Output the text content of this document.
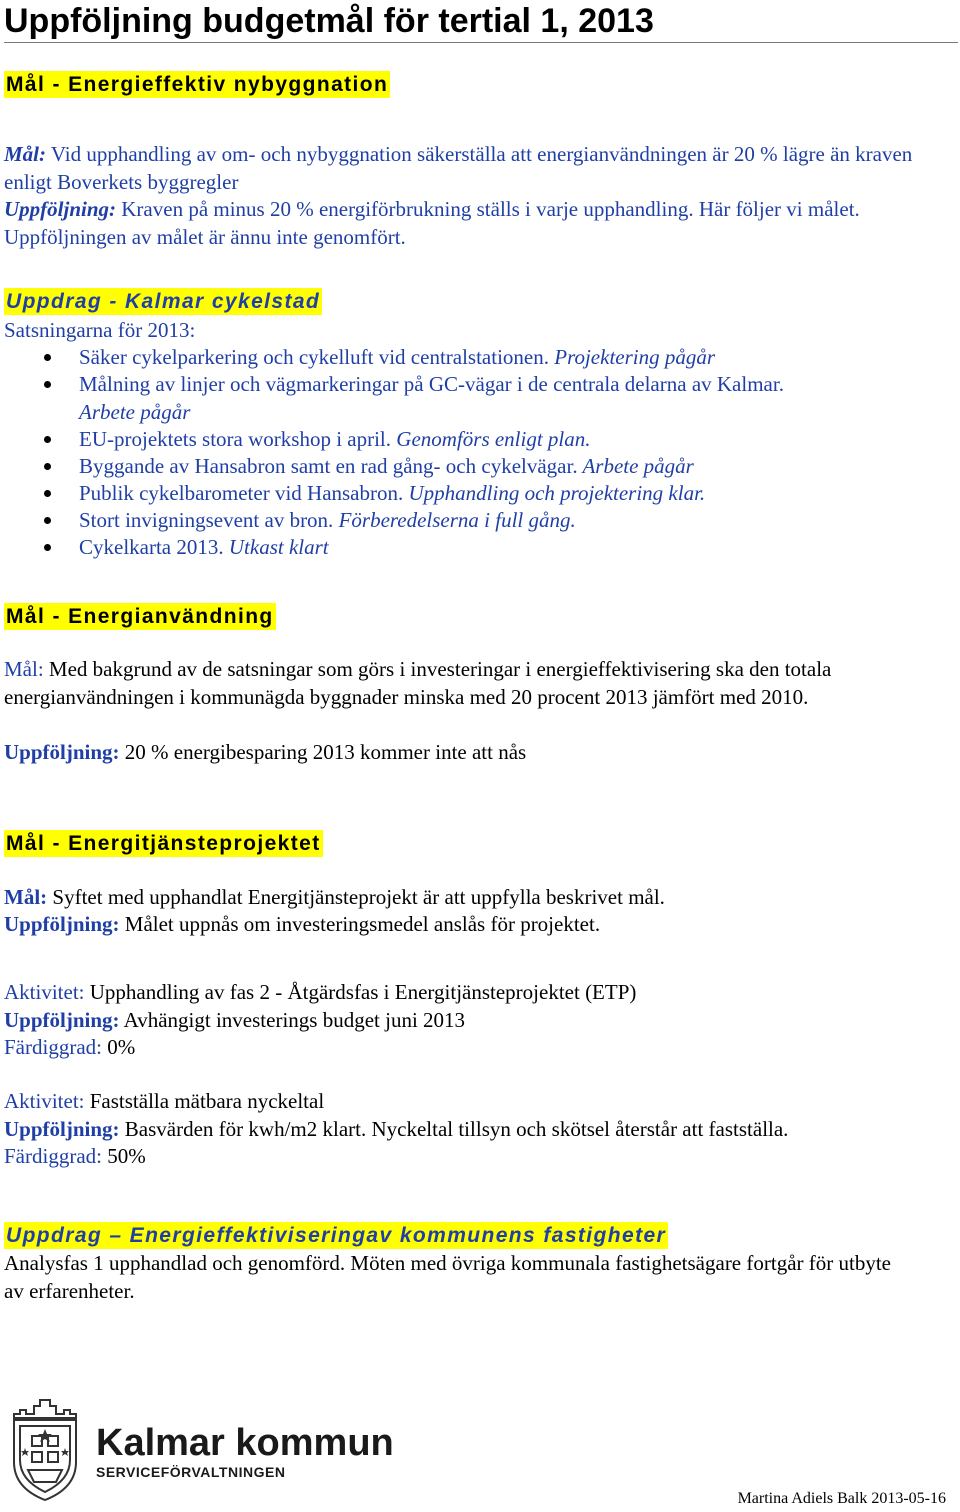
Uppföljning budgetmål för tertial 1, 2013
Mål - Energieffektiv nybyggnation
Mål: Vid upphandling av om- och nybyggnation säkerställa att energianvändningen är 20 % lägre än kraven enligt Boverkets byggregler
Uppföljning: Kraven på minus 20 % energiförbrukning ställs i varje upphandling. Här följer vi målet. Uppföljningen av målet är ännu inte genomfört.
Uppdrag - Kalmar cykelstad
Satsningarna för 2013:
Säker cykelparkering och cykelluft vid centralstationen. Projektering pågår
Målning av linjer och vägmarkeringar på GC-vägar i de centrala delarna av Kalmar.
Arbete pågår
EU-projektets stora workshop i april. Genomförs enligt plan.
Byggande av Hansabron samt en rad gång- och cykelvägar. Arbete pågår
Publik cykelbarometer vid Hansabron. Upphandling och projektering klar.
Stort invigningsevent av bron. Förberedelserna i full gång.
Cykelkarta 2013. Utkast klart
Mål - Energianvändning
Mål: Med bakgrund av de satsningar som görs i investeringar i energieffektivisering ska den totala energianvändningen i kommunägda byggnader minska med 20 procent 2013 jämfört med 2010.
Uppföljning: 20 % energibesparing 2013 kommer inte att nås
Mål - Energitjänsteprojektet
Mål: Syftet med upphandlat Energitjänsteprojekt är att uppfylla beskrivet mål.
Uppföljning: Målet uppnås om investeringsmedel anslås för projektet.
Aktivitet: Upphandling av fas 2 - Åtgärdsfas i Energitjänsteprojektet (ETP)
Uppföljning: Avhängigt investerings budget juni 2013
Färdiggrad: 0%
Aktivitet: Fastställa mätbara nyckeltal
Uppföljning: Basvärden för kwh/m2 klart. Nyckeltal tillsyn och skötsel återstår att fastställa.
Färdiggrad: 50%
Uppdrag – Energieffektiviseringav kommunens fastigheter
Analysfas 1 upphandlad och genomförd. Möten med övriga kommunala fastighetsägare fortgår för utbyte av erfarenheter.
Kalmar kommun
SERVICEFÖRVALTNINGEN
Martina Adiels Balk 2013-05-16
